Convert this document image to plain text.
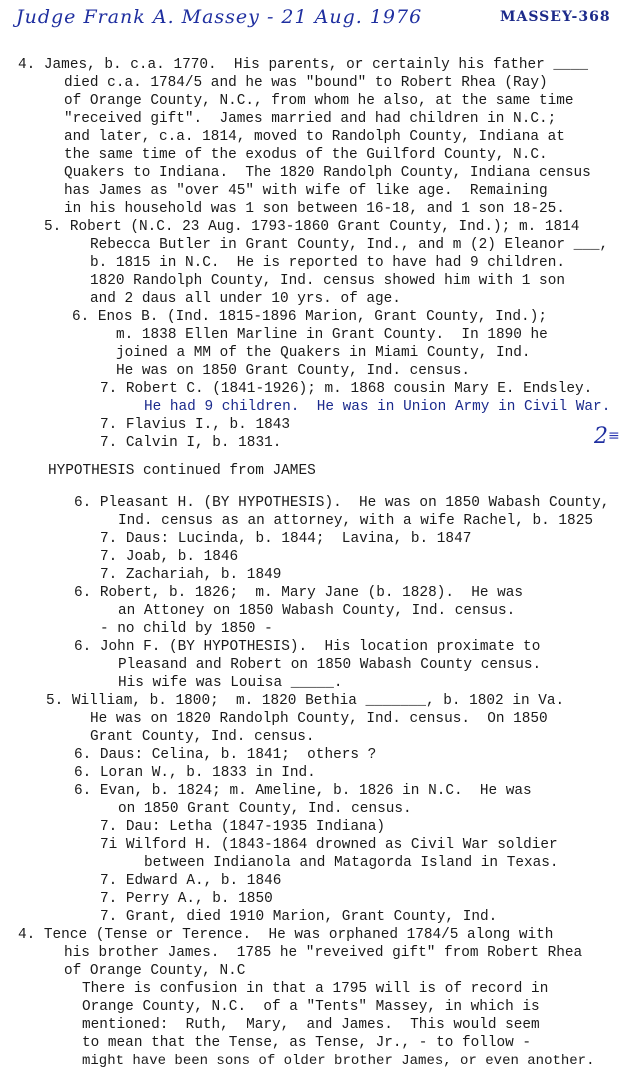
Judge Frank A. Massey - 21 Aug. 1976	MASSEY-368
2 ≡
4. James, b. c.a. 1770.  His parents, or certainly his father ____
died c.a. 1784/5 and he was "bound" to Robert Rhea (Ray)
of Orange County, N.C., from whom he also, at the same time
"received gift".  James married and had children in N.C.;
and later, c.a. 1814, moved to Randolph County, Indiana at
the same time of the exodus of the Guilford County, N.C.
Quakers to Indiana.  The 1820 Randolph County, Indiana census
has James as "over 45" with wife of like age.  Remaining
in his household was 1 son between 16-18, and 1 son 18-25.
5. Robert (N.C. 23 Aug. 1793-1860 Grant County, Ind.); m. 1814
Rebecca Butler in Grant County, Ind., and m (2) Eleanor ___,
b. 1815 in N.C.  He is reported to have had 9 children.
1820 Randolph County, Ind. census showed him with 1 son
and 2 daus all under 10 yrs. of age.
6. Enos B. (Ind. 1815-1896 Marion, Grant County, Ind.);
m. 1838 Ellen Marline in Grant County.  In 1890 he
joined a MM of the Quakers in Miami County, Ind.
He was on 1850 Grant County, Ind. census.
7. Robert C. (1841-1926); m. 1868 cousin Mary E. Endsley.
He had 9 children.  He was in Union Army in Civil War.
7. Flavius I., b. 1843
7. Calvin I, b. 1831.
HYPOTHESIS continued from JAMES
6. Pleasant H. (BY HYPOTHESIS).  He was on 1850 Wabash County,
Ind. census as an attorney, with a wife Rachel, b. 1825
7. Daus: Lucinda, b. 1844;  Lavina, b. 1847
7. Joab, b. 1846
7. Zachariah, b. 1849
6. Robert, b. 1826;  m. Mary Jane (b. 1828).  He was
an Attoney on 1850 Wabash County, Ind. census.
- no child by 1850 -
6. John F. (BY HYPOTHESIS).  His location proximate to
Pleasand and Robert on 1850 Wabash County census.
His wife was Louisa _____.
5. William, b. 1800;  m. 1820 Bethia _______, b. 1802 in Va.
He was on 1820 Randolph County, Ind. census.  On 1850
Grant County, Ind. census.
6. Daus: Celina, b. 1841;  others ?
6. Loran W., b. 1833 in Ind.
6. Evan, b. 1824; m. Ameline, b. 1826 in N.C.  He was
on 1850 Grant County, Ind. census.
7. Dau: Letha (1847-1935 Indiana)
7i Wilford H. (1843-1864 drowned as Civil War soldier
between Indianola and Matagorda Island in Texas.
7. Edward A., b. 1846
7. Perry A., b. 1850
7. Grant, died 1910 Marion, Grant County, Ind.
4. Tence (Tense or Terence.  He was orphaned 1784/5 along with
his brother James.  1785 he "reveived gift" from Robert Rhea
of Orange County, N.C
There is confusion in that a 1795 will is of record in
Orange County, N.C.  of a "Tents" Massey, in which is
mentioned:  Ruth,  Mary,  and James.  This would seem
to mean that the Tense, as Tense, Jr., - to follow -
might have been sons of older brother James, or even another.
